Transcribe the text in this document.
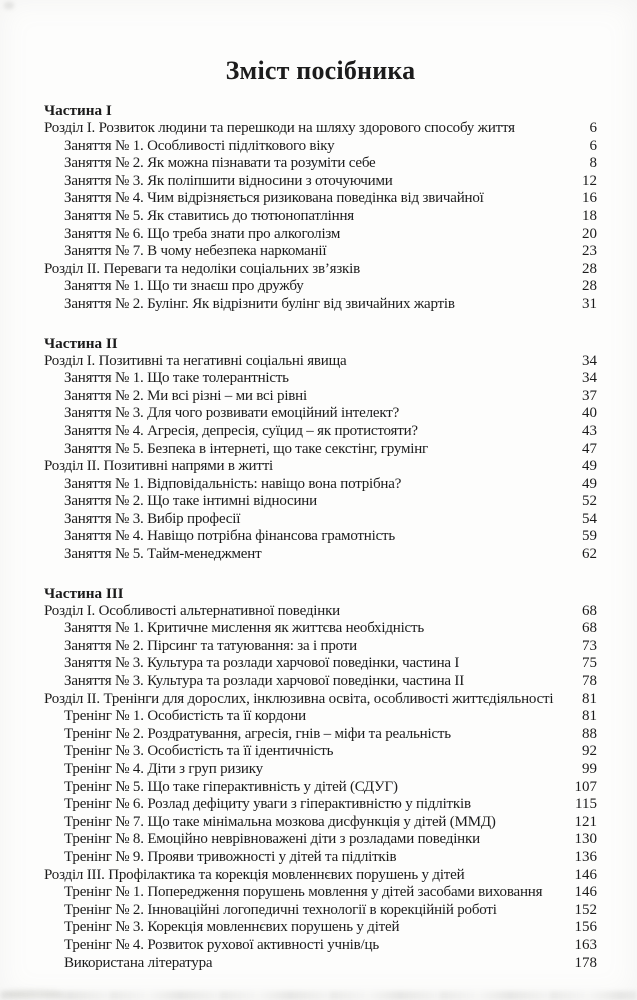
Зміст посібника
Частина I
Розділ І. Розвиток людини та перешкоди на шляху здорового способу життя	6
Заняття № 1. Особливості підліткового віку	6
Заняття № 2. Як можна пізнавати та розуміти себе	8
Заняття № 3. Як поліпшити відносини з оточуючими	12
Заняття № 4. Чим відрізняється ризикована поведінка від звичайної	16
Заняття № 5. Як ставитись до тютюнопатління	18
Заняття № 6. Що треба знати про алкоголізм	20
Заняття № 7. В чому небезпека наркоманії	23
Розділ ІІ. Переваги та недоліки соціальних зв’язків	28
Заняття № 1. Що ти знаєш про дружбу	28
Заняття № 2. Булінг. Як відрізнити булінг від звичайних жартів	31
Частина II
Розділ І. Позитивні та негативні соціальні явища	34
Заняття № 1. Що таке толерантність	34
Заняття № 2. Ми всі різні – ми всі рівні	37
Заняття № 3. Для чого розвивати емоційний інтелект?	40
Заняття № 4. Агресія, депресія, суїцид – як протистояти?	43
Заняття № 5. Безпека в інтернеті, що таке секстінг, грумінг	47
Розділ ІІ. Позитивні напрями в житті	49
Заняття № 1. Відповідальність: навіщо вона потрібна?	49
Заняття № 2. Що таке інтимні відносини	52
Заняття № 3. Вибір професії	54
Заняття № 4. Навіщо потрібна фінансова грамотність	59
Заняття № 5. Тайм-менеджмент	62
Частина III
Розділ І. Особливості альтернативної поведінки	68
Заняття № 1. Критичне мислення як життєва необхідність	68
Заняття № 2. Пірсинг та татуювання: за і проти	73
Заняття № 3. Культура та розлади харчової поведінки, частина І	75
Заняття № 3. Культура та розлади харчової поведінки, частина ІІ	78
Розділ ІІ. Тренінги для дорослих, інклюзивна освіта, особливості життєдіяльності 81
Тренінг № 1. Особистість та її кордони	81
Тренінг № 2. Роздратування, агресія, гнів – міфи та реальність	88
Тренінг № 3. Особистість та її ідентичність	92
Тренінг № 4. Діти з груп ризику	99
Тренінг № 5. Що таке гіперактивність у дітей (СДУГ)	107
Тренінг № 6. Розлад дефіциту уваги з гіперактивністю у підлітків	115
Тренінг № 7. Що таке мінімальна мозкова дисфункція у дітей (ММД)	121
Тренінг № 8. Емоційно неврівноважені діти з розладами поведінки	130
Тренінг № 9. Прояви тривожності у дітей та підлітків	136
Розділ ІІІ. Профілактика та корекція мовленнєвих порушень у дітей	146
Тренінг № 1. Попередження порушень мовлення у дітей засобами виховання 146
Тренінг № 2. Інноваційні логопедичні технології в корекційній роботі	152
Тренінг № 3. Корекція мовленнєвих порушень у дітей	156
Тренінг № 4. Розвиток рухової активності учнів/ць	163
Використана література	178
